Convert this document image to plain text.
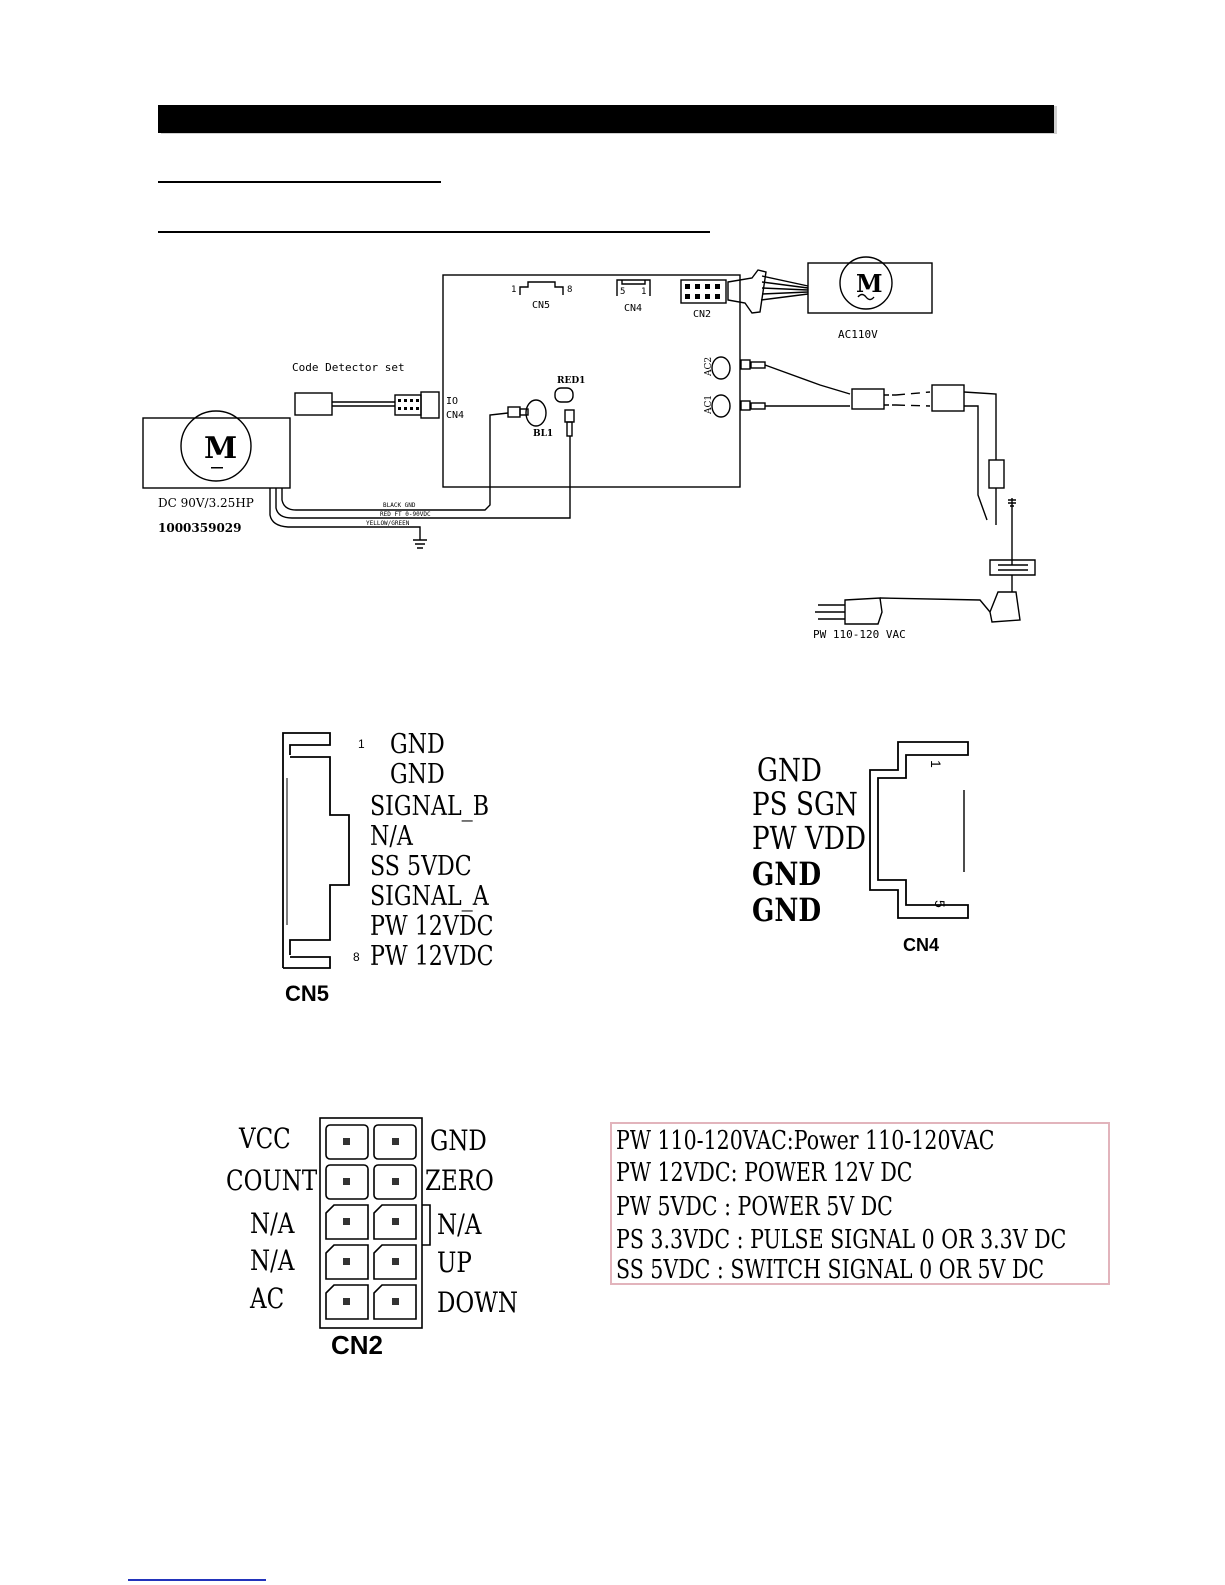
1	8
CN5
5 1
CN4
CN2
M
AC110V
Code Detector set
IO
CN4
RED1
BL1
AC2
AC1
M
DC 90V/3.25HP
1000359029
BLACK GND
RED FT 0-90VDC
YELLOW/GREEN
PW 110-120 VAC
1
8
GND
GND
SIGNAL_B
N/A
SS 5VDC
SIGNAL_A
PW 12VDC
PW 12VDC
CN5
1
5
GND
PS SGN
PW VDD
GND
GND
CN4
VCC
COUNT
N/A
N/A
AC
GND
ZERO
N/A
UP
DOWN
CN2
PW 110-120VAC:Power 110-120VAC
PW 12VDC: POWER 12V DC
PW 5VDC : POWER 5V DC
PS 3.3VDC : PULSE SIGNAL 0 OR 3.3V DC
SS 5VDC : SWITCH SIGNAL 0 OR 5V DC
